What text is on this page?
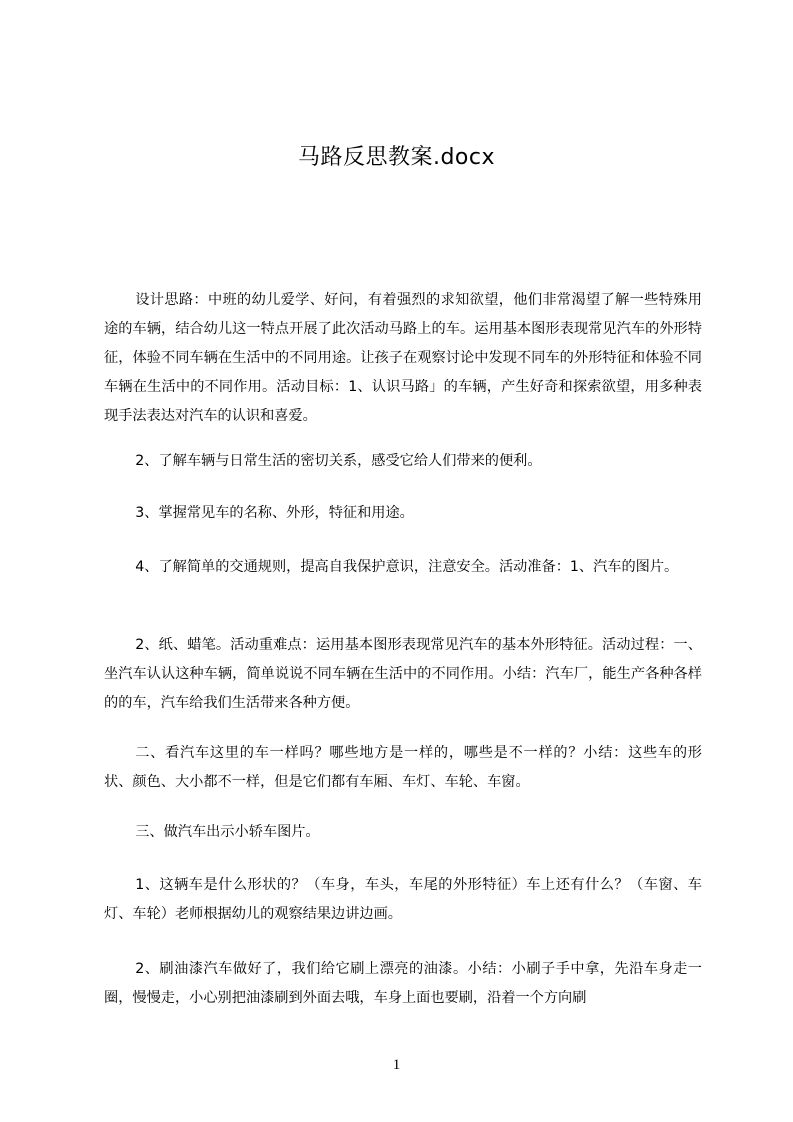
马路反思教案.docx

设计思路：中班的幼儿爱学、好问，有着强烈的求知欲望，他们非常渴望了解一些特殊用途的车辆，结合幼儿这一特点开展了此次活动马路上的车。运用基本图形表现常见汽车的外形特征，体验不同车辆在生活中的不同用途。让孩子在观察讨论中发现不同车的外形特征和体验不同车辆在生活中的不同作用。活动目标：1、认识马路」的车辆，产生好奇和探索欲望，用多种表现手法表达对汽车的认识和喜爱。

2、了解车辆与日常生活的密切关系，感受它给人们带来的便利。

3、掌握常见车的名称、外形，特征和用途。

4、了解简单的交通规则，提高自我保护意识，注意安全。活动准备：1、汽车的图片。

2、纸、蜡笔。活动重难点：运用基本图形表现常见汽车的基本外形特征。活动过程：一、坐汽车认认这种车辆，简单说说不同车辆在生活中的不同作用。小结：汽车厂，能生产各种各样的的车，汽车给我们生活带来各种方便。

二、看汽车这里的车一样吗？哪些地方是一样的，哪些是不一样的？小结：这些车的形状、颜色、大小都不一样，但是它们都有车厢、车灯、车轮、车窗。

三、做汽车出示小轿车图片。

1、这辆车是什么形状的？（车身，车头，车尾的外形特征）车上还有什么？（车窗、车灯、车轮）老师根据幼儿的观察结果边讲边画。

2、刷油漆汽车做好了，我们给它刷上漂亮的油漆。小结：小刷子手中拿，先沿车身走一圈，慢慢走，小心别把油漆刷到外面去哦，车身上面也要刷，沿着一个方向刷

1
